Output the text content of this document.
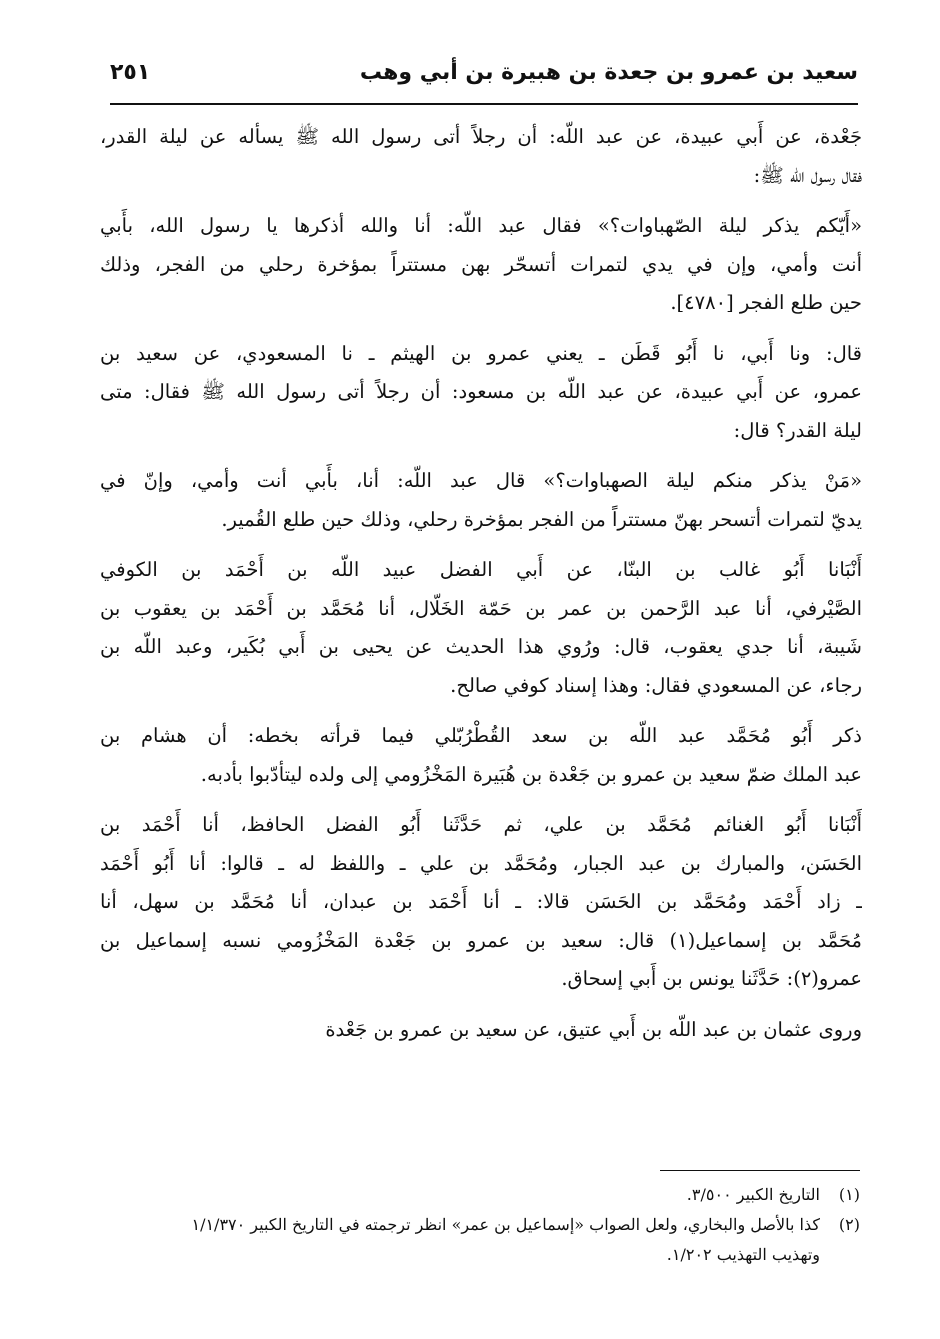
سعيد بن عمرو بن جعدة بن هبيرة بن أبي وهب
٢٥١
جَعْدة، عن أَبي عبيدة، عن عبد اللّه: أن رجلاً أتى رسول الله ﷺ يسأله عن ليلة القدر،
فقال رسول الله ﷺ:
«أَيّكم يذكر ليلة الصّهباوات؟» فقال عبد اللّه: أنا والله أذكرها يا رسول الله، بأَبي
أنت وأمي، وإن في يدي لتمرات أتسحّر بهن مستتراً بمؤخرة رحلي من الفجر، وذلك
حين طلع الفجر [٤٧٨٠].
قال: ونا أَبي، نا أَبُو قَطَن ـ يعني عمرو بن الهيثم ـ نا المسعودي، عن سعيد بن
عمرو، عن أَبي عبيدة، عن عبد اللّه بن مسعود: أن رجلاً أتى رسول الله ﷺ فقال: متى
ليلة القدر؟ قال:
«مَنْ يذكر منكم ليلة الصهباوات؟» قال عبد اللّه: أنا، بأَبي أنت وأمي، وإنّ في
يديّ لتمرات أتسحر بهنّ مستتراً من الفجر بمؤخرة رحلي، وذلك حين طلع القُمير.
أَنْبَانا أَبُو غالب بن البنّا، عن أَبي الفضل عبيد اللّه بن أَحْمَد بن الكوفي
الصَّيْرفي، أنا عبد الرَّحمن بن عمر بن حَمّة الخَلّال، أنا مُحَمَّد بن أَحْمَد بن يعقوب بن
شَيبة، أنا جدي يعقوب، قال: ورُوي هذا الحديث عن يحيى بن أَبي بُكَير، وعبد اللّه بن
رجاء، عن المسعودي فقال: وهذا إسناد كوفي صالح.
ذكر أَبُو مُحَمَّد عبد اللّه بن سعد القُطْرُبّلي فيما قرأته بخطه: أن هشام بن
عبد الملك ضمّ سعيد بن عمرو بن جَعْدة بن هُبَيرة المَخْزُومي إلى ولده ليتأدّبوا بأدبه.
أَنْبَانا أَبُو الغنائم مُحَمَّد بن علي، ثم حَدَّثَنا أَبُو الفضل الحافظ، أنا أَحْمَد بن
الحَسَن، والمبارك بن عبد الجبار، ومُحَمَّد بن علي ـ واللفظ له ـ قالوا: أنا أَبُو أَحْمَد
ـ زاد أَحْمَد ومُحَمَّد بن الحَسَن قالا: ـ أنا أَحْمَد بن عبدان، أنا مُحَمَّد بن سهل، أنا
مُحَمَّد بن إسماعيل(١) قال: سعيد بن عمرو بن جَعْدة المَخْزُومي نسبه إسماعيل بن
عمرو(٢): حَدَّثَنا يونس بن أَبي إسحاق.
وروى عثمان بن عبد اللّه بن أَبي عتيق، عن سعيد بن عمرو بن جَعْدة
(١)التاريخ الكبير ٣/٥٠٠.
(٢)كذا بالأصل والبخاري، ولعل الصواب «إسماعيل بن عمر» انظر ترجمته في التاريخ الكبير ١/١/٣٧٠
وتهذيب التهذيب ١/٢٠٢.
